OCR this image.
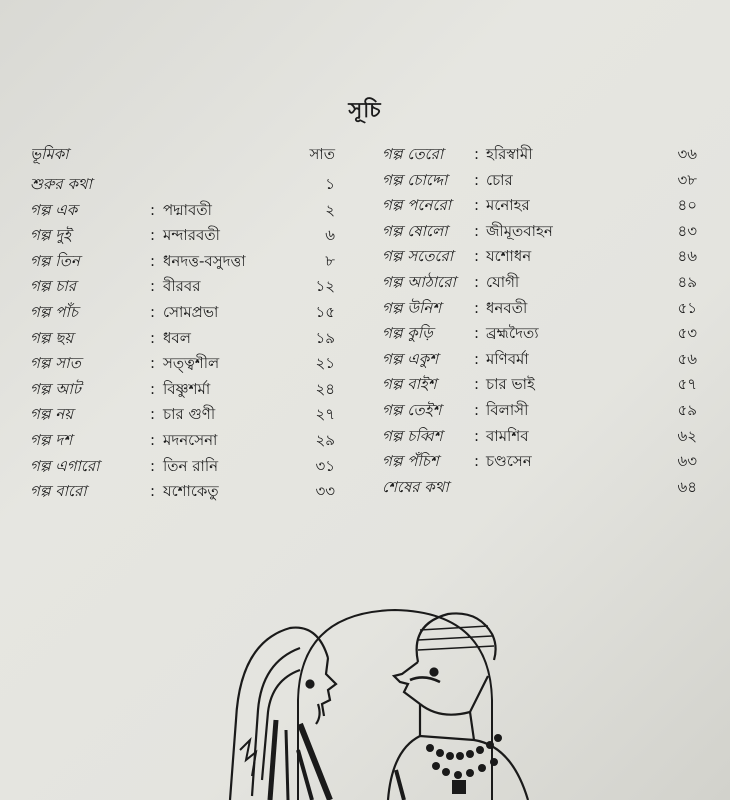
সূচি
ভূমিকা	সাত
শুরুর কথা	১
গল্প এক	: পদ্মাবতী	২
গল্প দুই	: মন্দারবতী	৬
গল্প তিন	: ধনদত্ত-বসুদত্তা	৮
গল্প চার	: বীরবর	১২
গল্প পাঁচ	: সোমপ্রভা	১৫
গল্প ছয়	: ধবল	১৯
গল্প সাত	: সত্ত্বশীল	২১
গল্প আট	: বিষ্ণুশর্মা	২৪
গল্প নয়	: চার গুণী	২৭
গল্প দশ	: মদনসেনা	২৯
গল্প এগারো	: তিন রানি	৩১
গল্প বারো	: যশোকেতু	৩৩
গল্প তেরো : হরিস্বামী	৩৬
গল্প চোদ্দো : চোর	৩৮
গল্প পনেরো : মনোহর	৪০
গল্প ষোলো : জীমূতবাহন	৪৩
গল্প সতেরো : যশোধন	৪৬
গল্প আঠারো : যোগী	৪৯
গল্প উনিশ : ধনবতী	৫১
গল্প কুড়ি	: ব্রহ্মদৈত্য	৫৩
গল্প একুশ : মণিবর্মা	৫৬
গল্প বাইশ : চার ভাই	৫৭
গল্প তেইশ : বিলাসী	৫৯
গল্প চব্বিশ : বামশিব	৬২
গল্প পঁচিশ : চণ্ডসেন	৬৩
শেষের কথা	৬৪
